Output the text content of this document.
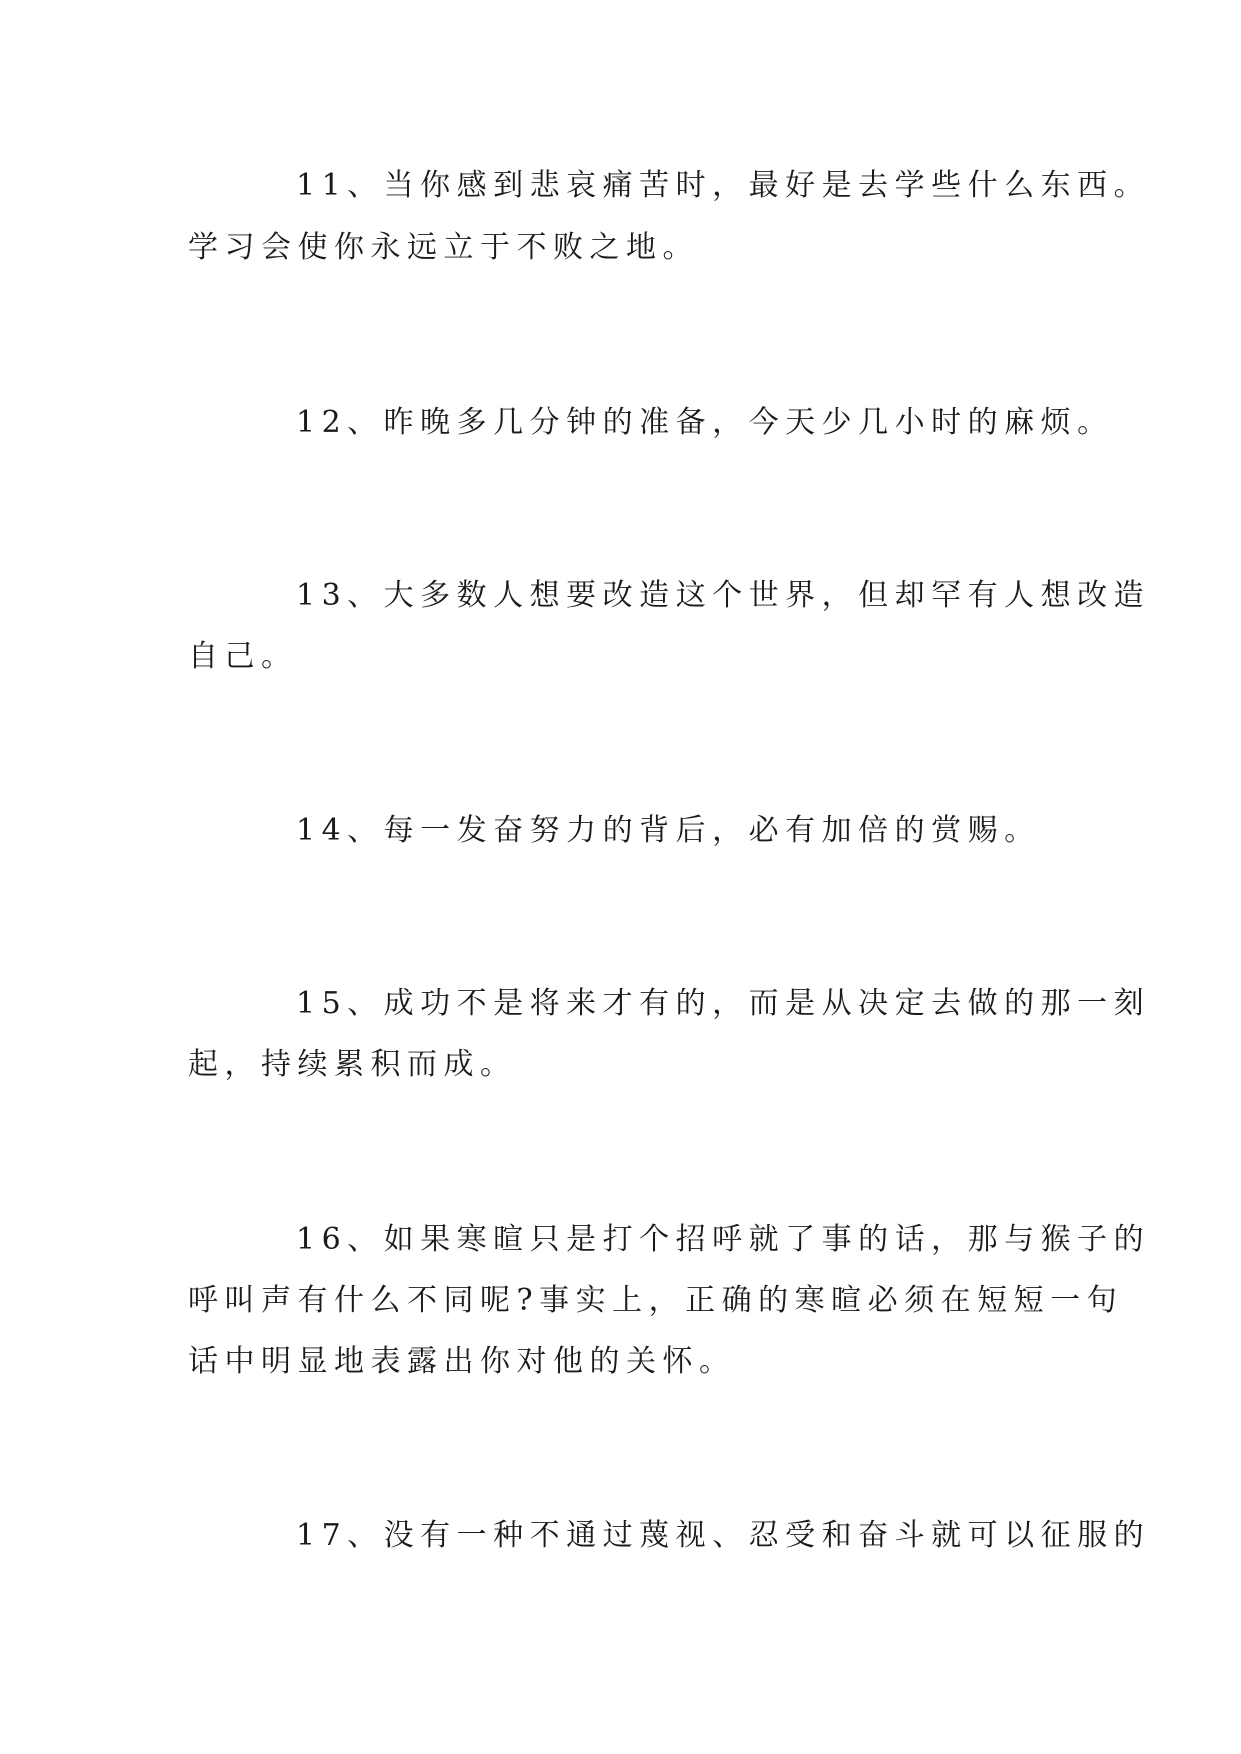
11、当你感到悲哀痛苦时，最好是去学些什么东西。
学习会使你永远立于不败之地。
12、昨晚多几分钟的准备，今天少几小时的麻烦。
13、大多数人想要改造这个世界，但却罕有人想改造
自己。
14、每一发奋努力的背后，必有加倍的赏赐。
15、成功不是将来才有的，而是从决定去做的那一刻
起，持续累积而成。
16、如果寒暄只是打个招呼就了事的话，那与猴子的
呼叫声有什么不同呢?事实上，正确的寒暄必须在短短一句
话中明显地表露出你对他的关怀。
17、没有一种不通过蔑视、忍受和奋斗就可以征服的
